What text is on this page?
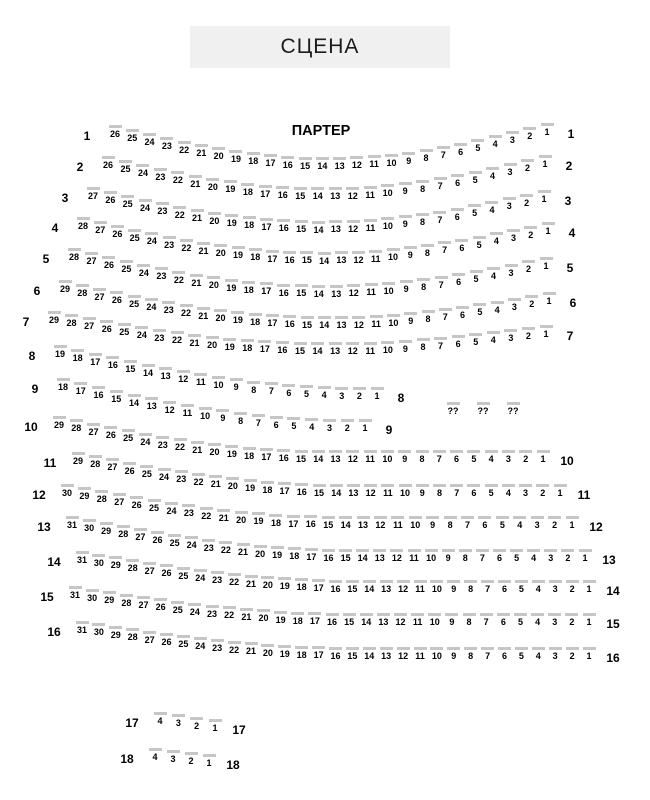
СЦЕНА
ПАРТЕР
1	26 25 24 23 22 21 20 19 18 17 16 15 14 13 12 11 10	9	8	7	6	5	4	3	2	1	1
2	26 25 24 23 22 21 20 19 18 17 16 15 14 13 12 11 10	9	8	7	6	5	4	3	2	1	2
3	27 26 25 24 23 22 21 20 19 18 17 16 15 14 13 12 11 10	9	8	7	6	5	4	3	2	1	3
4	28 27 26 25 24 23 22 21 20 19 18 17 16 15 14 13 12 11 10	9	8	7	6	5	4	3	2	1	4
5	28 27 26 25 24 23 22 21 20 19 18 17 16 15 14 13 12 11 10	9	8	7	6	5	4	3	2	1	5
6	29 28 27 26 25 24 23 22 21 20 19 18 17 16 15 14 13 12 11 10	9	8	7	6	5	4	3	2	1	6
7	29 28 27 26 25 24 23 22 21 20 19 18 17 16 15 14 13 12 11 10	9	8	7	6	5	4	3	2	1	7
8	19 18 17 16 15 14 13 12 11 10	9	8	7	6	5	4	3	2	1	8
9	18 17 16 15 14 13 12 11 10	9	8	7	6	5	4	3	2	1	9
10	29 28 27 26 25 24 23 22 21 20 19 18 17 16 15 14 13 12 11 10	9	8	7	6	5	4	3	2	1	10
11	29 28 27 26 25 24 23 22 21 20 19 18 17 16 15 14 13 12 11 10	9	8	7	6	5	4	3	2	1	11
12	30 29 28 27 26 25 24 23 22 21 20 19 18 17 16 15 14 13 12 11 10	9	8	7	6	5	4	3	2	1	12
13	31 30 29 28 27 26 25 24 23 22 21 20 19 18 17 16 15 14 13 12 11 10	9	8	7	6	5	4	3	2	1	13
14	31 30 29 28 27 26 25 24 23 22 21 20 19 18 17 16 15 14 13 12 11 10	9	8	7	6	5	4	3	2	1	14
15	31 30 29 28 27 26 25 24 23 22 21 20 19 18 17 16 15 14 13 12 11 10	9	8	7	6	5	4	3	2	1	15
16	31 30 29 28 27 26 25 24 23 22 21 20 19 18 17 16 15 14 13 12 11 10	9	8	7	6	5	4	3	2	1	16
17	4	3	2	1	17
18	4	3	2	1	18
??	??	??
